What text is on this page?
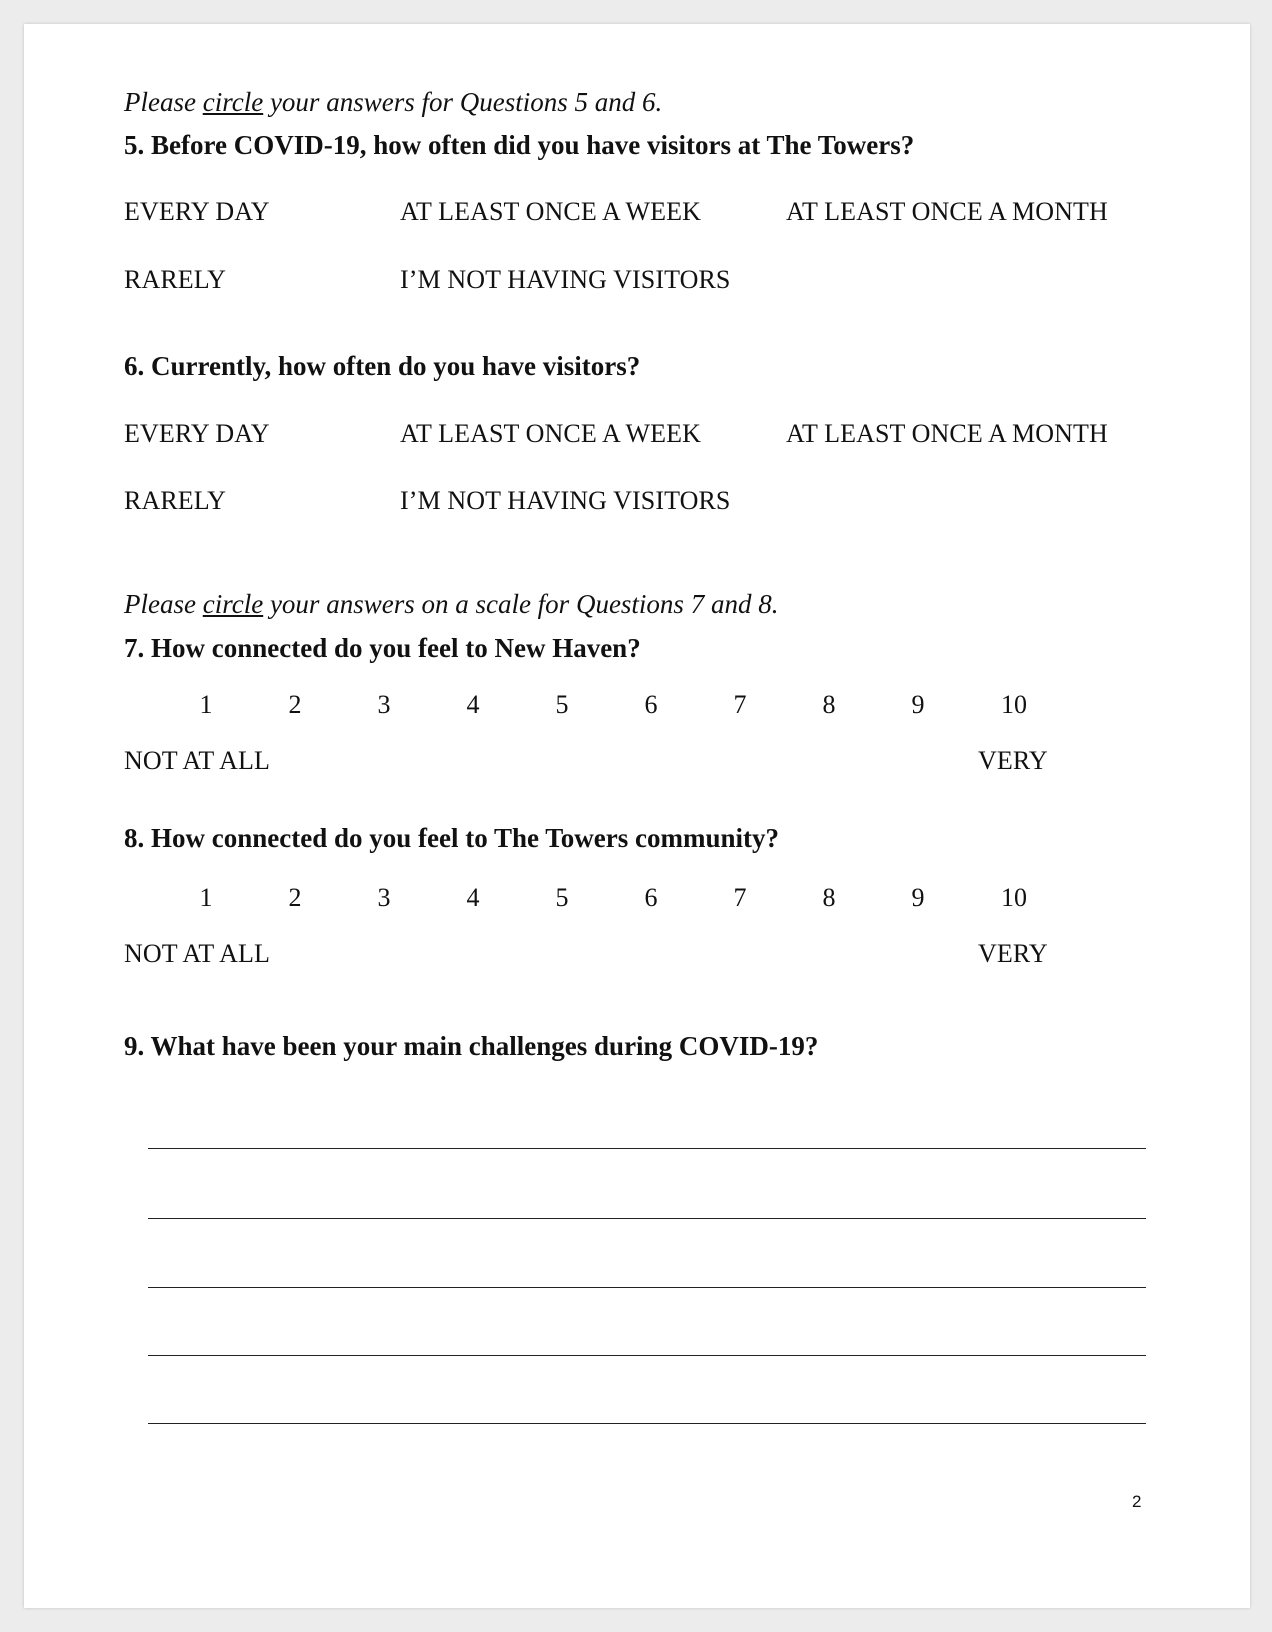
Please circle your answers for Questions 5 and 6.
5. Before COVID-19, how often did you have visitors at The Towers?
EVERY DAY	AT LEAST ONCE A WEEK	AT LEAST ONCE A MONTH
RARELY	I’M NOT HAVING VISITORS
6. Currently, how often do you have visitors?
EVERY DAY	AT LEAST ONCE A WEEK	AT LEAST ONCE A MONTH
RARELY	I’M NOT HAVING VISITORS
Please circle your answers on a scale for Questions 7 and 8.
7. How connected do you feel to New Haven?
1	2	3	4	5	6	7	8	9	10
NOT AT ALL	VERY
8. How connected do you feel to The Towers community?
1	2	3	4	5	6	7	8	9	10
NOT AT ALL	VERY
9. What have been your main challenges during COVID-19?
2
